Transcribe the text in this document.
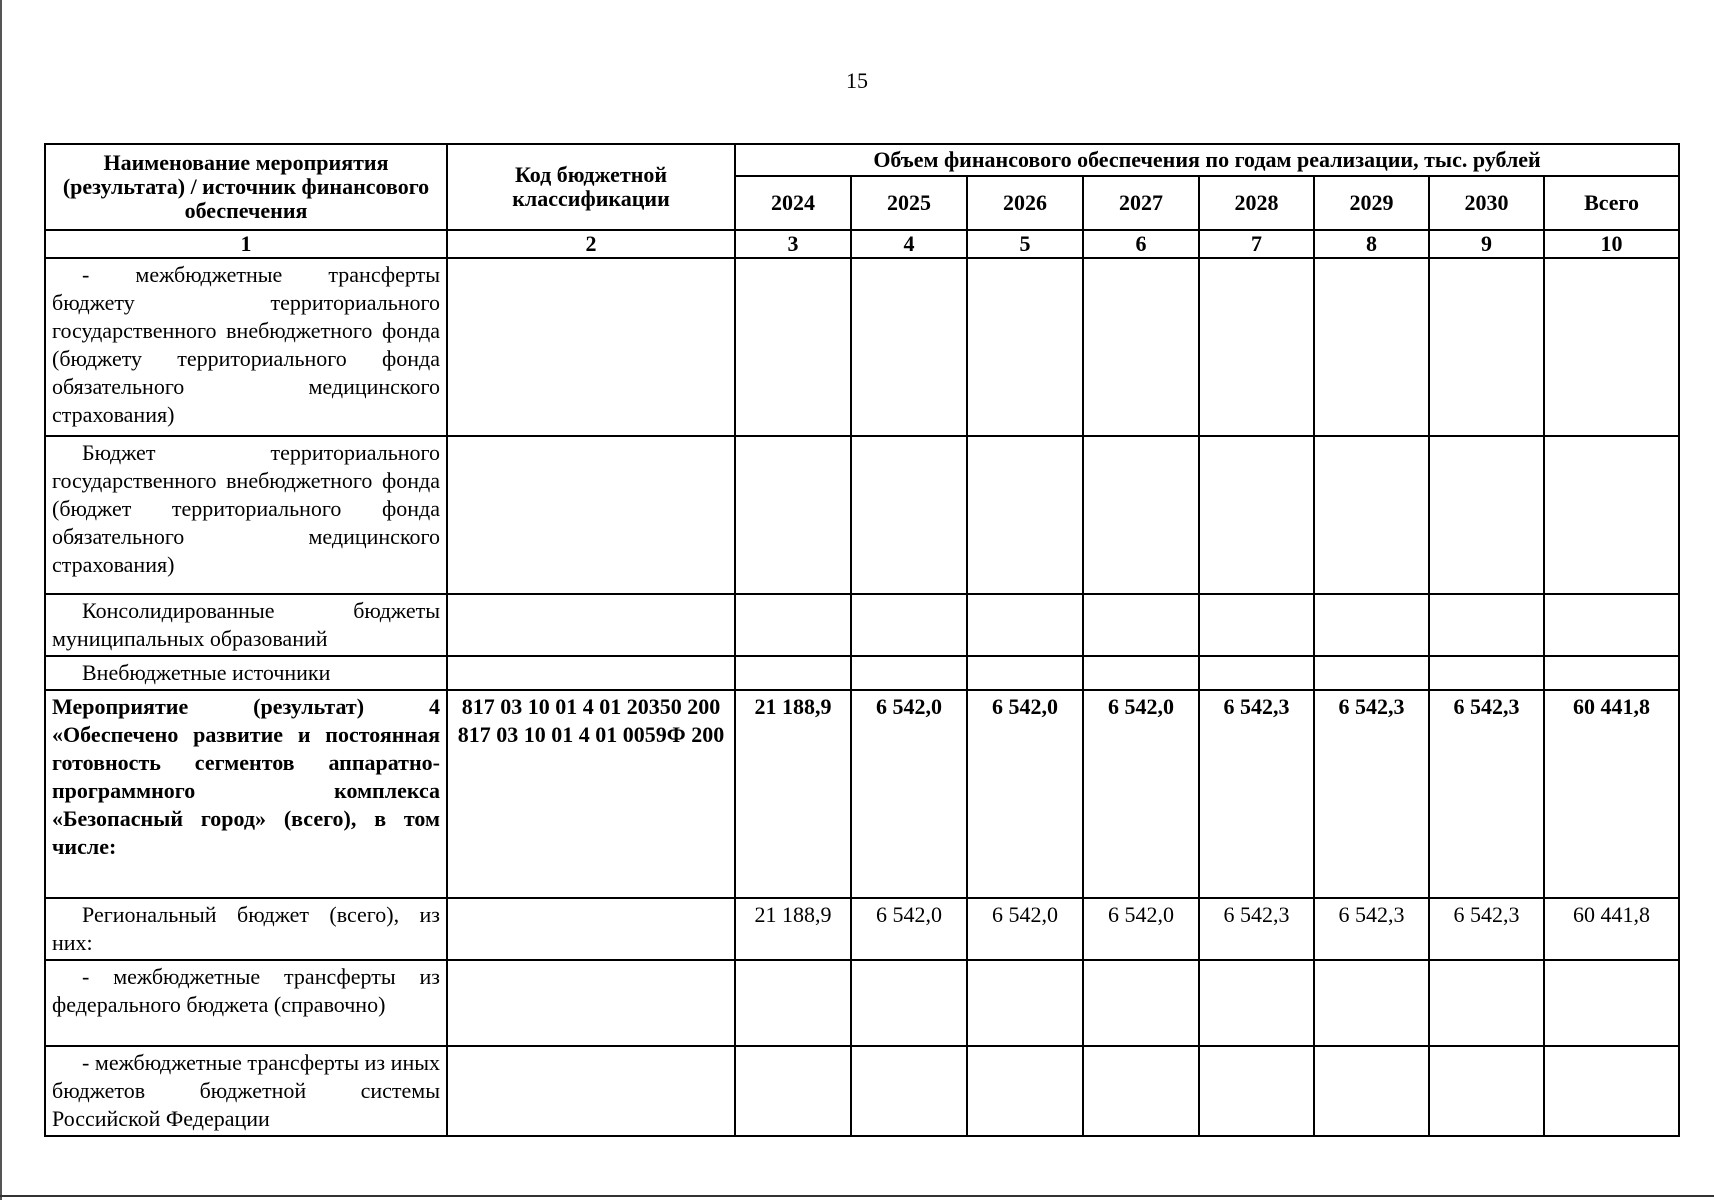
15
Наименование мероприятия (результата) / источник финансового обеспечения	Код бюджетной классификации	Объем финансового обеспечения по годам реализации, тыс. рублей							
		2024	2025	2026	2027	2028	2029	2030	Всего
1	2	3	4	5	6	7	8	9	10
- межбюджетные трансферты бюджету территориального государственного внебюджетного фонда (бюджету территориального фонда обязательного медицинского страхования)									
Бюджет территориального государственного внебюджетного фонда (бюджет территориального фонда обязательного медицинского страхования)									
Консолидированные бюджеты муниципальных образований									
Внебюджетные источники									
Мероприятие (результат) 4 «Обеспечено развитие и постоянная готовность сегментов аппаратно-программного комплекса «Безопасный город» (всего), в том числе:	817 03 10 01 4 01 20350 200 817 03 10 01 4 01 0059Ф 200	21 188,9	6 542,0	6 542,0	6 542,0	6 542,3	6 542,3	6 542,3	60 441,8
Региональный бюджет (всего), из них:		21 188,9	6 542,0	6 542,0	6 542,0	6 542,3	6 542,3	6 542,3	60 441,8
- межбюджетные трансферты из федерального бюджета (справочно)									
- межбюджетные трансферты из иных бюджетов бюджетной системы Российской Федерации									
